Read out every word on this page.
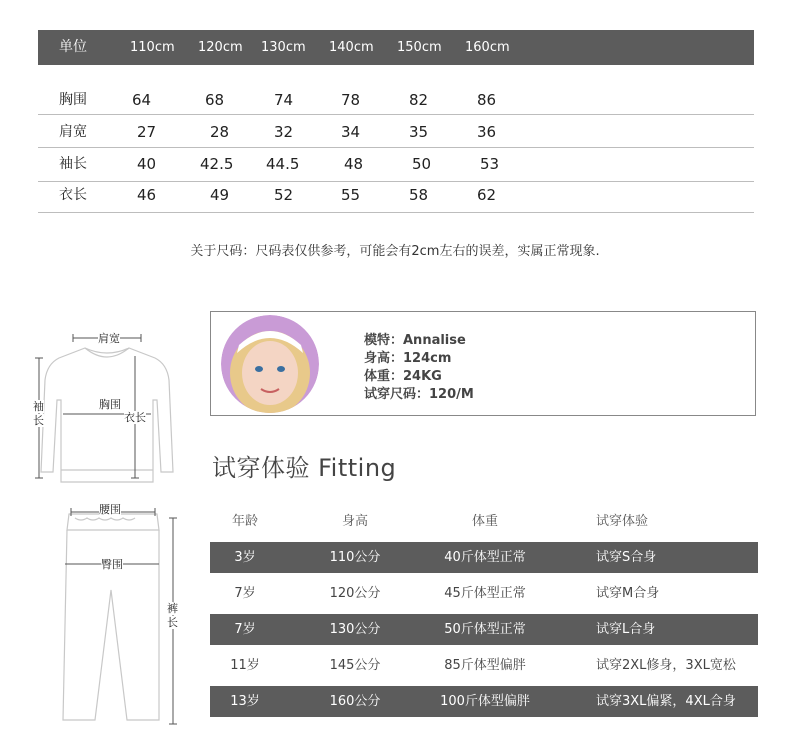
单位	110cm 120cm 130cm 140cm 150cm 160cm
胸围	64	68	74	78	82	86
肩宽	27	28	32	34	35	36
袖长	40	42.5 44.5	48	50	53
衣长	46	49	52	55	58	62
关于尺码：尺码表仅供参考，可能会有2cm左右的误差，实属正常现象.
肩宽
袖
长
胸围
衣长
腰围
臀围
裤
长
模特：Annalise
身高：124cm
体重：24KG
试穿尺码：120/M
试穿体验 Fitting
年龄	身高	体重	试穿体验
3岁	110公分	40斤体型正常	试穿S合身
7岁	120公分	45斤体型正常	试穿M合身
7岁	130公分	50斤体型正常	试穿L合身
11岁	145公分	85斤体型偏胖	试穿2XL修身，3XL宽松
13岁	160公分	100斤体型偏胖	试穿3XL偏紧，4XL合身
